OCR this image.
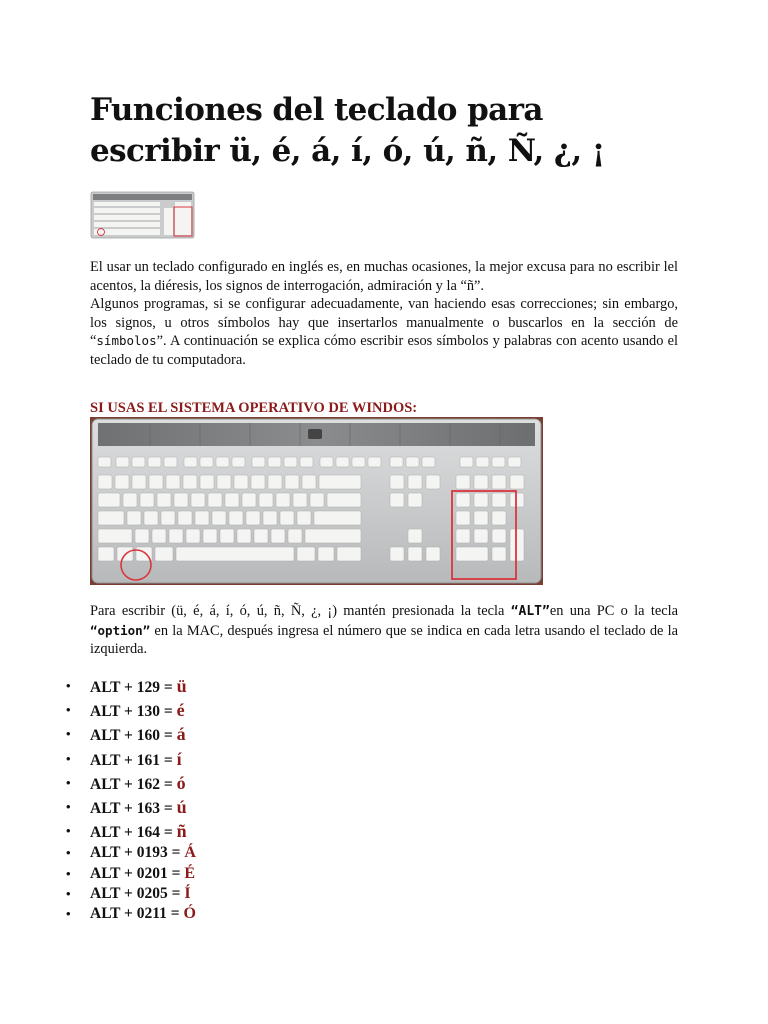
Funciones del teclado para escribir ü, é, á, í, ó, ú, ñ, Ñ, ¿, ¡

El usar un teclado configurado en inglés es, en muchas ocasiones, la mejor excusa para no escribir lel acentos, la diéresis, los signos de interrogación, admiración y la “ñ”.

Algunos programas, si se configurar adecuadamente, van haciendo esas correcciones; sin embargo, los signos, u otros símbolos hay que insertarlos manualmente o buscarlos en la sección de “símbolos”. A continuación se explica cómo escribir esos símbolos y palabras con acento usando el teclado de tu computadora.

SI USAS EL SISTEMA OPERATIVO DE WINDOS:

Para escribir (ü, é, á, í, ó, ú, ñ, Ñ, ¿, ¡) mantén presionada la tecla “ALT”en una PC o la tecla “option” en la MAC, después ingresa el número que se indica en cada letra usando el teclado de la izquierda.

• ALT + 129 = ü
• ALT + 130 = é
• ALT + 160 = á
• ALT + 161 = í
• ALT + 162 = ó
• ALT + 163 = ú
• ALT + 164 = ñ
• ALT + 0193 = Á
• ALT + 0201 = É
• ALT + 0205 = Í
• ALT + 0211 = Ó
